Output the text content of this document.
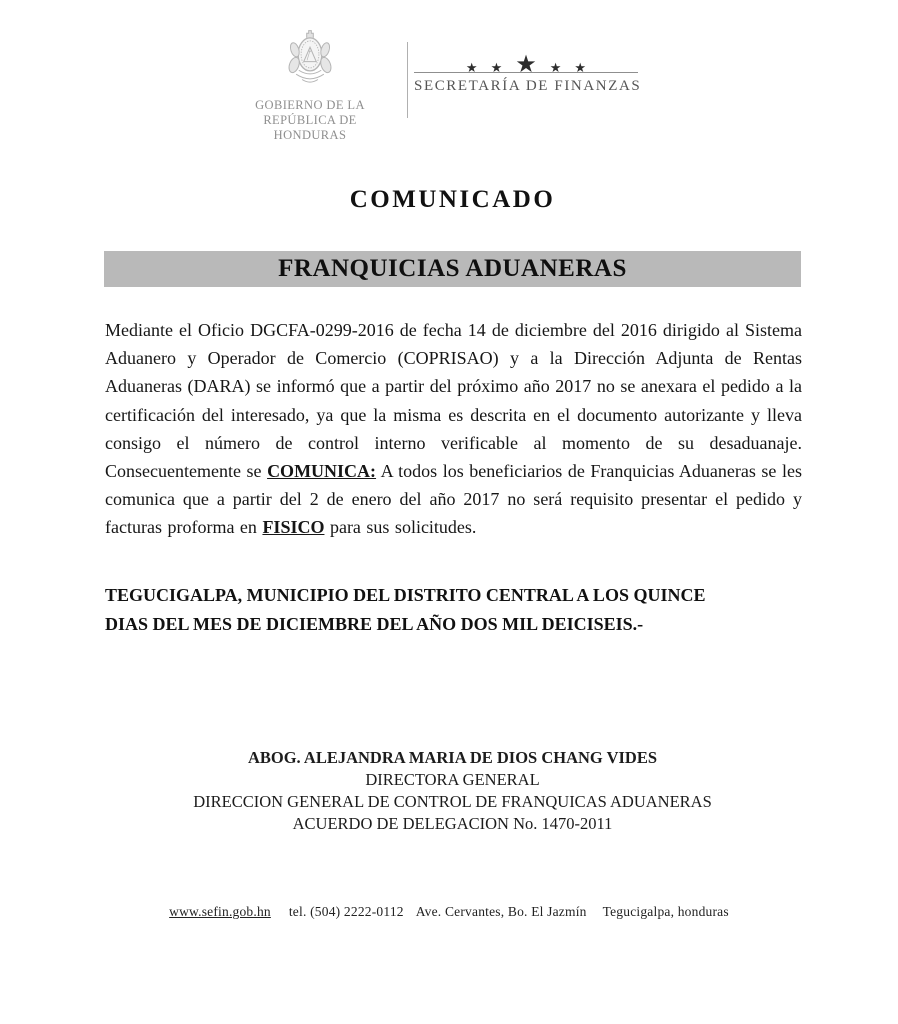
GOBIERNO DE LA
REPÚBLICA DE HONDURAS
★ ★ ★ ★ ★
SECRETARÍA DE FINANZAS
COMUNICADO
FRANQUICIAS ADUANERAS

Mediante el Oficio DGCFA-0299-2016 de fecha 14 de diciembre del 2016 dirigido al Sistema Aduanero y Operador de Comercio (COPRISAO) y a la Dirección Adjunta de Rentas Aduaneras (DARA) se informó que a partir del próximo año 2017 no se anexara el pedido a la certificación del interesado, ya que la misma es descrita en el documento autorizante y lleva consigo el número de control interno verificable al momento de su desaduanaje. Consecuentemente se COMUNICA: A todos los beneficiarios de Franquicias Aduaneras se les comunica que a partir del 2 de enero del año 2017 no será requisito presentar el pedido y facturas proforma en FISICO para sus solicitudes.

TEGUCIGALPA, MUNICIPIO DEL DISTRITO CENTRAL A LOS QUINCE
DIAS DEL MES DE DICIEMBRE DEL AÑO DOS MIL DEICISEIS.-
ABOG. ALEJANDRA MARIA DE DIOS CHANG VIDES
DIRECTORA GENERAL
DIRECCION GENERAL DE CONTROL DE FRANQUICAS ADUANERAS
ACUERDO DE DELEGACION No. 1470-2011
www.sefin.gob.hn tel. (504) 2222-0112 Ave. Cervantes, Bo. El Jazmín Tegucigalpa, honduras
